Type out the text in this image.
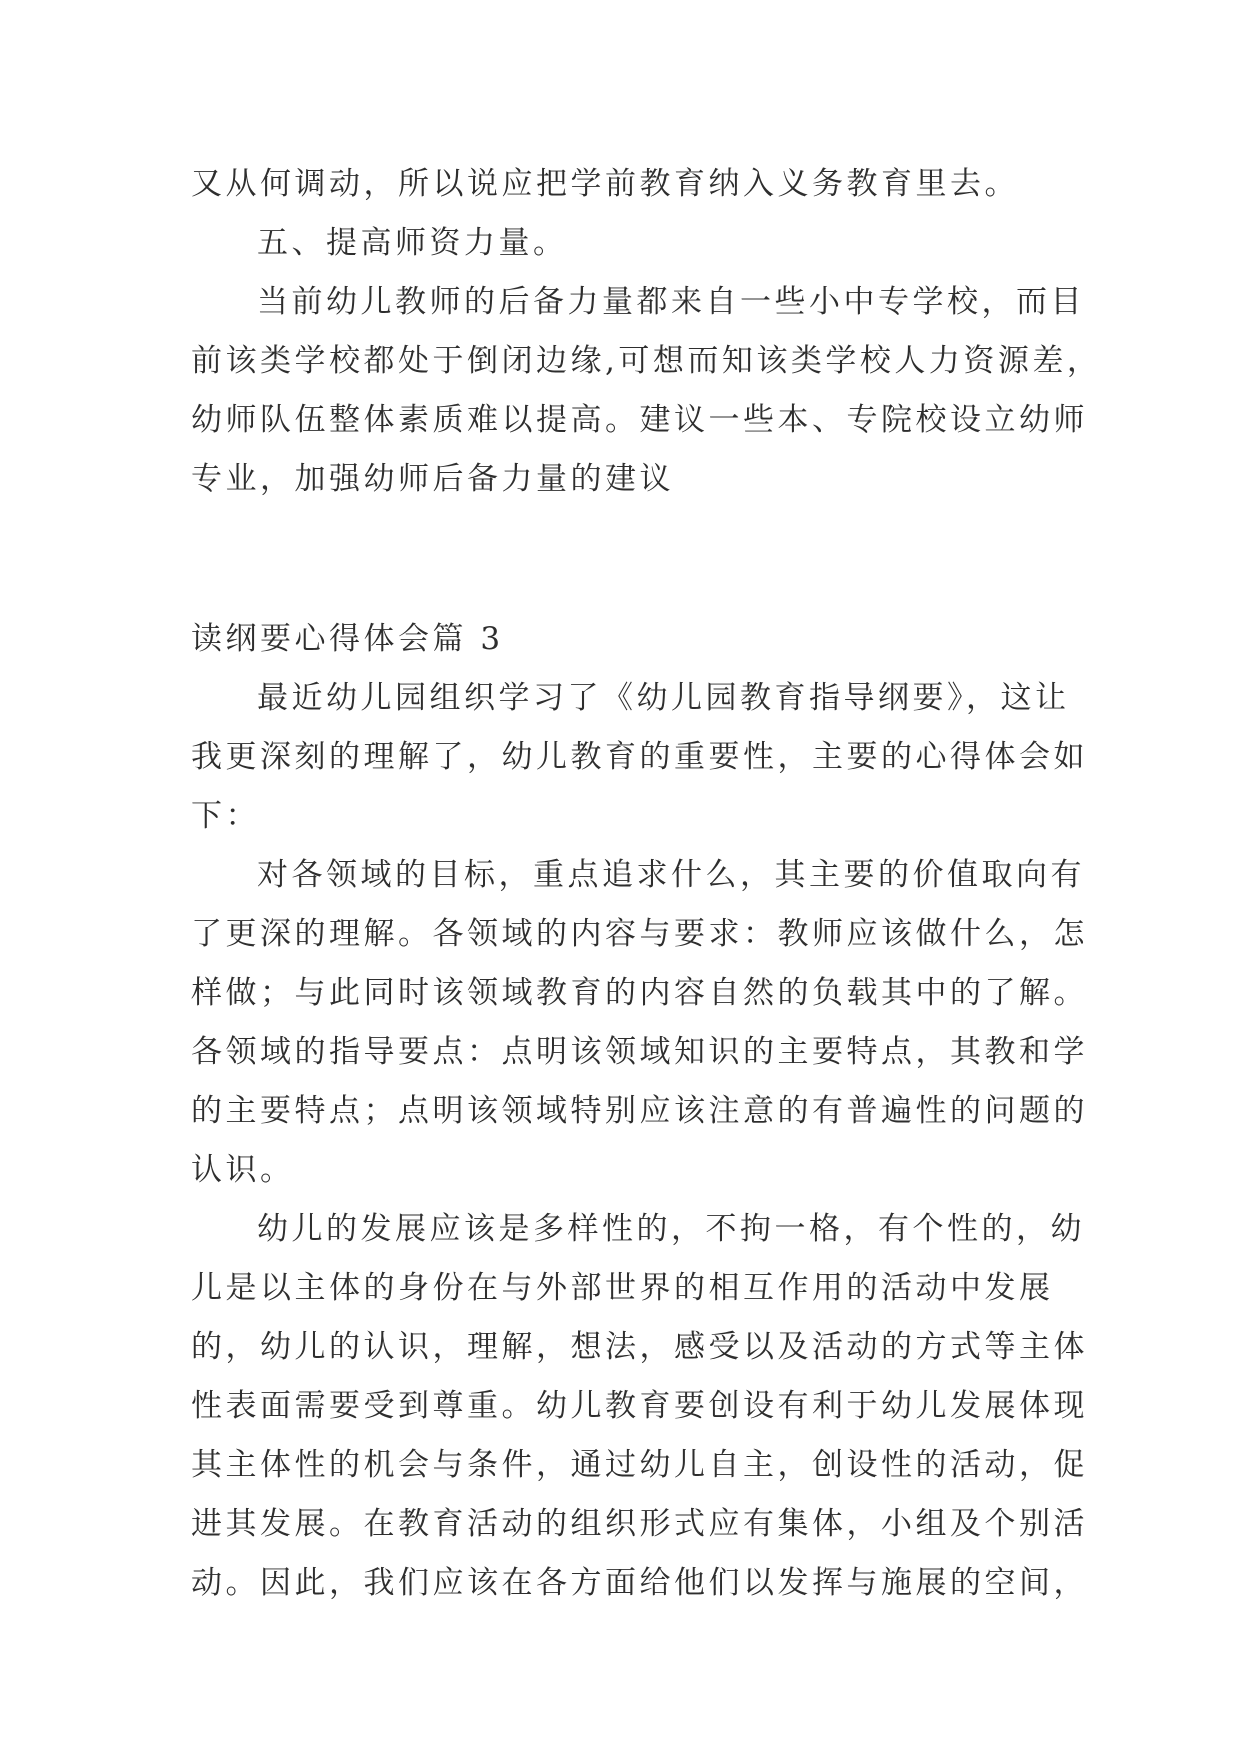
又从何调动，所以说应把学前教育纳入义务教育里去。
五、提高师资力量。
当前幼儿教师的后备力量都来自一些小中专学校，而目
前该类学校都处于倒闭边缘,可想而知该类学校人力资源差，
幼师队伍整体素质难以提高。建议一些本、专院校设立幼师
专业，加强幼师后备力量的建议
读纲要心得体会篇 3
最近幼儿园组织学习了《幼儿园教育指导纲要》，这让
我更深刻的理解了，幼儿教育的重要性，主要的心得体会如
下：
对各领域的目标，重点追求什么，其主要的价值取向有
了更深的理解。各领域的内容与要求：教师应该做什么，怎
样做；与此同时该领域教育的内容自然的负载其中的了解。
各领域的指导要点：点明该领域知识的主要特点，其教和学
的主要特点；点明该领域特别应该注意的有普遍性的问题的
认识。
幼儿的发展应该是多样性的，不拘一格，有个性的，幼
儿是以主体的身份在与外部世界的相互作用的活动中发展
的，幼儿的认识，理解，想法，感受以及活动的方式等主体
性表面需要受到尊重。幼儿教育要创设有利于幼儿发展体现
其主体性的机会与条件，通过幼儿自主，创设性的活动，促
进其发展。在教育活动的组织形式应有集体，小组及个别活
动。因此，我们应该在各方面给他们以发挥与施展的空间，
